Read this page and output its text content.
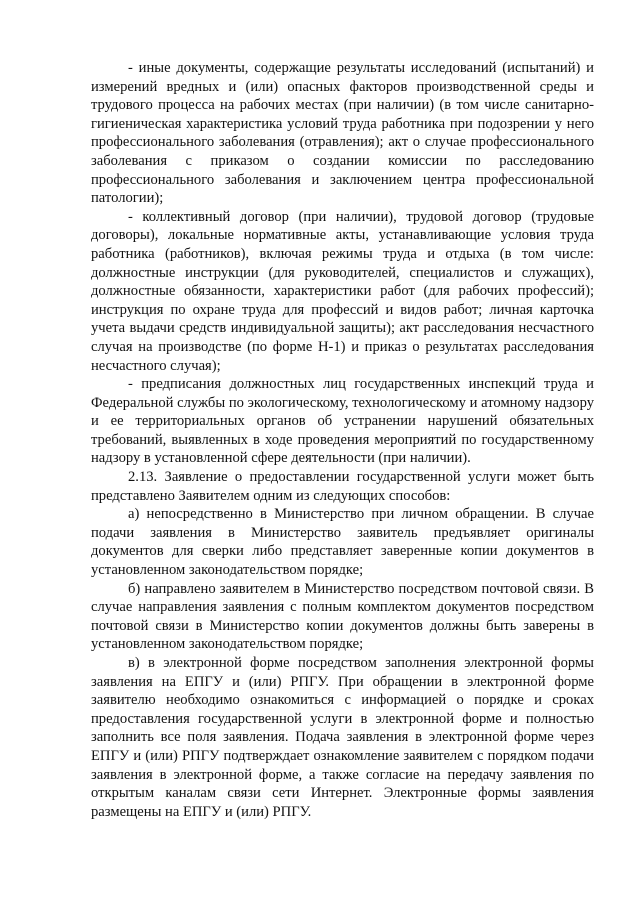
- иные документы, содержащие результаты исследований (испытаний) и измерений вредных и (или) опасных факторов производственной среды и трудового процесса на рабочих местах (при наличии) (в том числе санитарно-гигиеническая характеристика условий труда работника при подозрении у него профессионального заболевания (отравления); акт о случае профессионального заболевания с приказом о создании комиссии по расследованию профессионального заболевания и заключением центра профессиональной патологии);

- коллективный договор (при наличии), трудовой договор (трудовые договоры), локальные нормативные акты, устанавливающие условия труда работника (работников), включая режимы труда и отдыха (в том числе: должностные инструкции (для руководителей, специалистов и служащих), должностные обязанности, характеристики работ (для рабочих профессий); инструкция по охране труда для профессий и видов работ; личная карточка учета выдачи средств индивидуальной защиты); акт расследования несчастного случая на производстве (по форме Н-1) и приказ о результатах расследования несчастного случая);

- предписания должностных лиц государственных инспекций труда и Федеральной службы по экологическому, технологическому и атомному надзору и ее территориальных органов об устранении нарушений обязательных требований, выявленных в ходе проведения мероприятий по государственному надзору в установленной сфере деятельности (при наличии).

2.13. Заявление о предоставлении государственной услуги может быть представлено Заявителем одним из следующих способов:

а) непосредственно в Министерство при личном обращении. В случае подачи заявления в Министерство заявитель предъявляет оригиналы документов для сверки либо представляет заверенные копии документов в установленном законодательством порядке;

б) направлено заявителем в Министерство посредством почтовой связи. В случае направления заявления с полным комплектом документов посредством почтовой связи в Министерство копии документов должны быть заверены в установленном законодательством порядке;

в) в электронной форме посредством заполнения электронной формы заявления на ЕПГУ и (или) РПГУ. При обращении в электронной форме заявителю необходимо ознакомиться с информацией о порядке и сроках предоставления государственной услуги в электронной форме и полностью заполнить все поля заявления. Подача заявления в электронной форме через ЕПГУ и (или) РПГУ подтверждает ознакомление заявителем с порядком подачи заявления в электронной форме, а также согласие на передачу заявления по открытым каналам связи сети Интернет. Электронные формы заявления размещены на ЕПГУ и (или) РПГУ.
